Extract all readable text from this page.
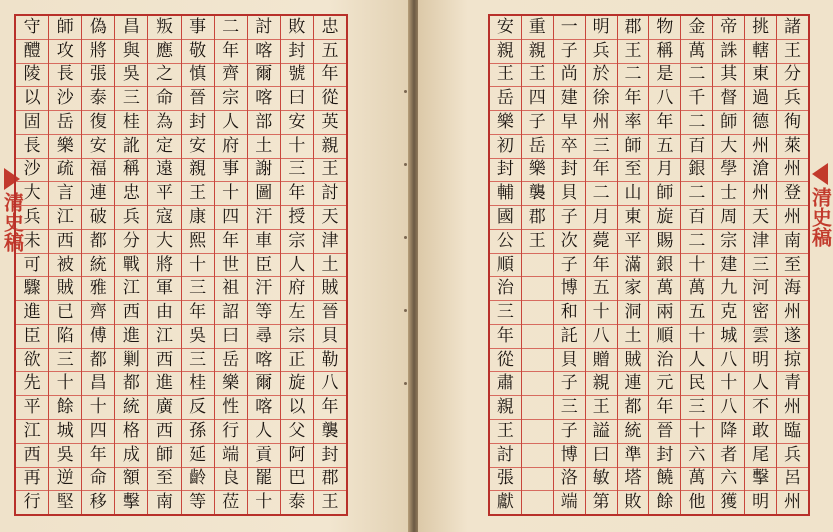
清史稿
忠
五
年
從
英
親
王
討
天
津
土
賊
晉
貝
勒
八
年
襲
封
郡
王
敗
封
號
曰
安
十
三
年
授
宗
人
府
左
宗
正
旋
以
父
阿
巴
泰
討
喀
爾
喀
部
土
謝
圖
汗
車
臣
汗
等
尋
喀
爾
喀
人
貢
罷
十
二
年
齊
宗
人
府
事
十
四
年
世
祖
詔
曰
岳
樂
性
行
端
良
莅
事
敬
慎
晉
封
安
親
王
康
熙
十
三
年
吳
三
桂
反
孫
延
齡
等
叛
應
之
命
為
定
遠
平
寇
大
將
軍
由
江
西
進
廣
西
師
至
南
昌
與
吳
三
桂
訛
稱
忠
兵
分
戰
江
西
進
剿
都
統
格
成
額
擊
偽
將
張
泰
復
安
福
連
破
都
統
雅
齊
傅
都
昌
十
四
年
命
移
師
攻
長
沙
岳
樂
疏
言
江
西
被
賊
已
陷
三
十
餘
城
吳
逆
堅
守
醴
陵
以
固
長
沙
大
兵
未
可
驟
進
臣
欲
先
平
江
西
再
行
諸
王
分
兵
徇
萊
州
登
州
南
至
海
州
遂
掠
青
州
臨
兵
呂
州
挑
轄
東
過
德
州
滄
州
天
津
三
河
密
雲
明
人
不
敢
尾
擊
明
帝
誅
其
督
師
大
學
士
周
宗
建
九
克
城
八
十
八
降
者
六
獲
金
萬
二
千
二
百
銀
二
百
二
十
萬
五
十
人
民
三
十
六
萬
他
物
稱
是
八
年
五
月
師
旋
賜
銀
萬
兩
順
治
元
年
晉
封
饒
餘
郡
王
二
年
率
師
至
山
東
平
滿
家
洞
土
賊
連
都
統
準
塔
敗
明
兵
於
徐
州
三
年
二
月
薨
年
五
十
八
贈
親
王
謚
曰
敏
第
一
子
尚
建
早
卒
封
貝
子
次
子
博
和
託
貝
子
三
子
博
洛
端
重
親
王
四
子
岳
樂
襲
郡
王
安
親
王
岳
樂
初
封
輔
國
公
順
治
三
年
從
肅
親
王
討
張
獻
清史稿
